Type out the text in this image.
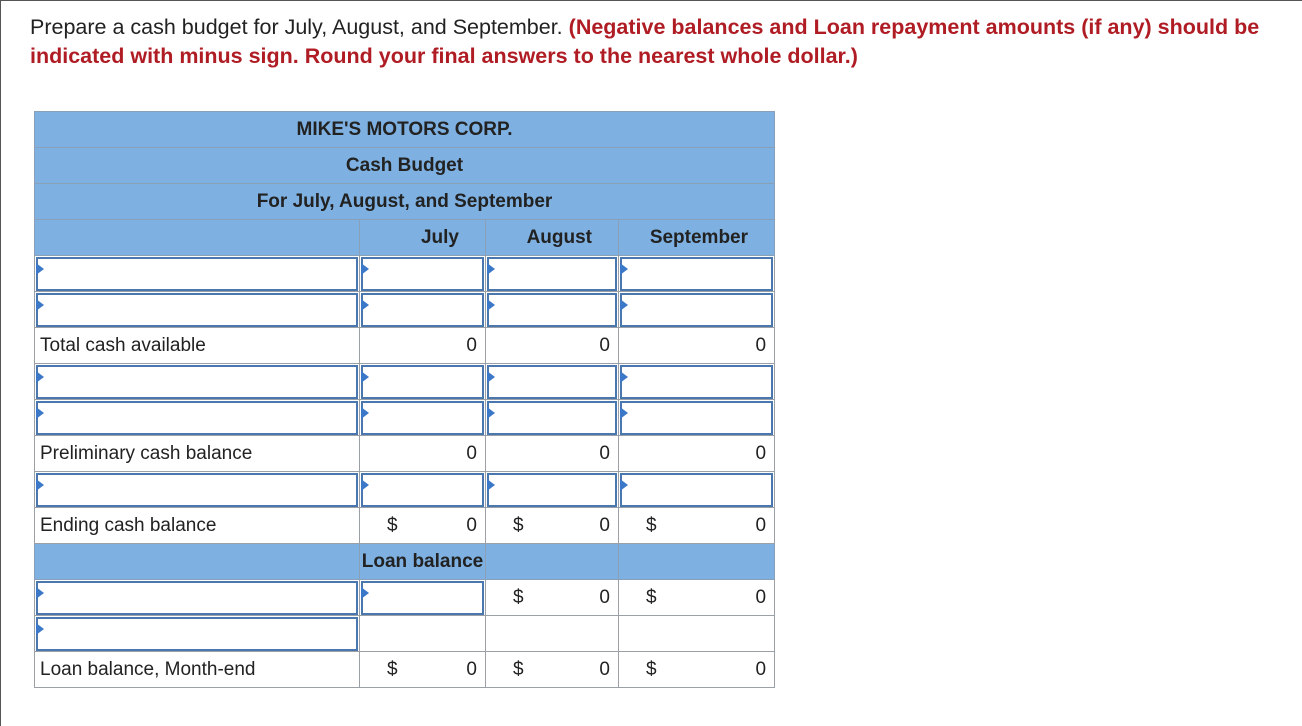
Prepare a cash budget for July, August, and September. (Negative balances and Loan repayment amounts (if any) should be indicated with minus sign. Round your final answers to the nearest whole dollar.)
MIKE'S MOTORS CORP.			
Cash Budget			
For July, August, and September			
	July	August	September

Total cash available	0	0	0

Preliminary cash balance	0	0	0

Ending cash balance	$ 0	$ 0	$ 0

	Loan balance		

		$ 0	$ 0

Loan balance, Month-end	$ 0	$ 0	$ 0
